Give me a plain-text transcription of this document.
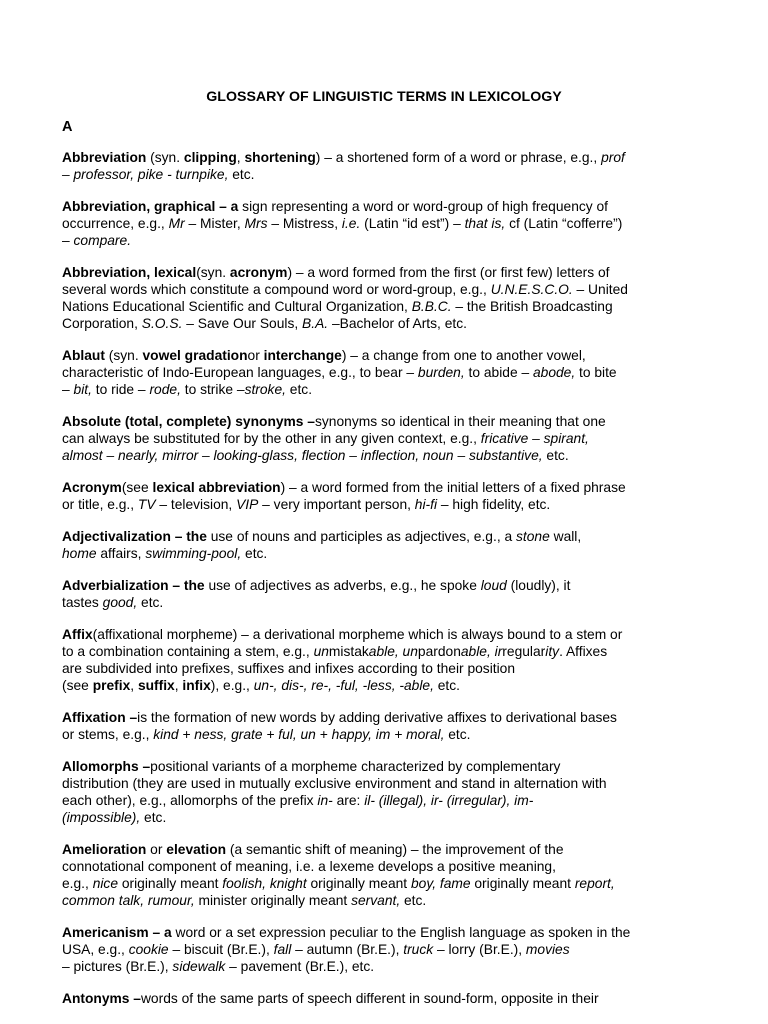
GLOSSARY OF LINGUISTIC TERMS IN LEXICOLOGY
A

Abbreviation (syn. clipping, shortening) – a shortened form of a word or phrase, e.g., prof

– professor, pike - turnpike, etc.

Abbreviation, graphical – a sign representing a word or word-group of high frequency of

occurrence, e.g., Mr – Mister, Mrs – Mistress, i.e. (Latin “id est”) – that is, cf (Latin “cofferre”)

– compare.

Abbreviation, lexical(syn. acronym) – a word formed from the first (or first few) letters of

several words which constitute a compound word or word-group, e.g., U.N.E.S.C.O. – United

Nations Educational Scientific and Cultural Organization, B.B.C. – the British Broadcasting

Corporation, S.O.S. – Save Our Souls, B.A. –Bachelor of Arts, etc.

Ablaut (syn. vowel gradationor interchange) – a change from one to another vowel,

characteristic of Indo-European languages, e.g., to bear – burden, to abide – abode, to bite

– bit, to ride – rode, to strike –stroke, etc.

Absolute (total, complete) synonyms –synonyms so identical in their meaning that one

can always be substituted for by the other in any given context, e.g., fricative – spirant,

almost – nearly, mirror – looking-glass, flection – inflection, noun – substantive, etc.

Acronym(see lexical abbreviation) – a word formed from the initial letters of a fixed phrase

or title, e.g., TV – television, VIP – very important person, hi-fi – high fidelity, etc.

Adjectivalization – the use of nouns and participles as adjectives, e.g., a stone wall,

home affairs, swimming-pool, etc.

Adverbialization – the use of adjectives as adverbs, e.g., he spoke loud (loudly), it

tastes good, etc.

Affix(affixational morpheme) – a derivational morpheme which is always bound to a stem or

to a combination containing a stem, e.g., unmistakable, unpardonable, irregularity. Affixes

are subdivided into prefixes, suffixes and infixes according to their position

(see prefix, suffix, infix), e.g., un-, dis-, re-, -ful, -less, -able, etc.

Affixation –is the formation of new words by adding derivative affixes to derivational bases

or stems, e.g., kind + ness, grate + ful, un + happy, im + moral, etc.

Allomorphs –positional variants of a morpheme characterized by complementary

distribution (they are used in mutually exclusive environment and stand in alternation with

each other), e.g., allomorphs of the prefix in- are: il- (illegal), ir- (irregular), im-

(impossible), etc.

Amelioration or elevation (a semantic shift of meaning) – the improvement of the

connotational component of meaning, i.e. a lexeme develops a positive meaning,

e.g., nice originally meant foolish, knight originally meant boy, fame originally meant report,

common talk, rumour, minister originally meant servant, etc.

Americanism – a word or a set expression peculiar to the English language as spoken in the

USA, e.g., cookie – biscuit (Br.E.), fall – autumn (Br.E.), truck – lorry (Br.E.), movies

– pictures (Br.E.), sidewalk – pavement (Br.E.), etc.

Antonyms –words of the same parts of speech different in sound-form, opposite in their
